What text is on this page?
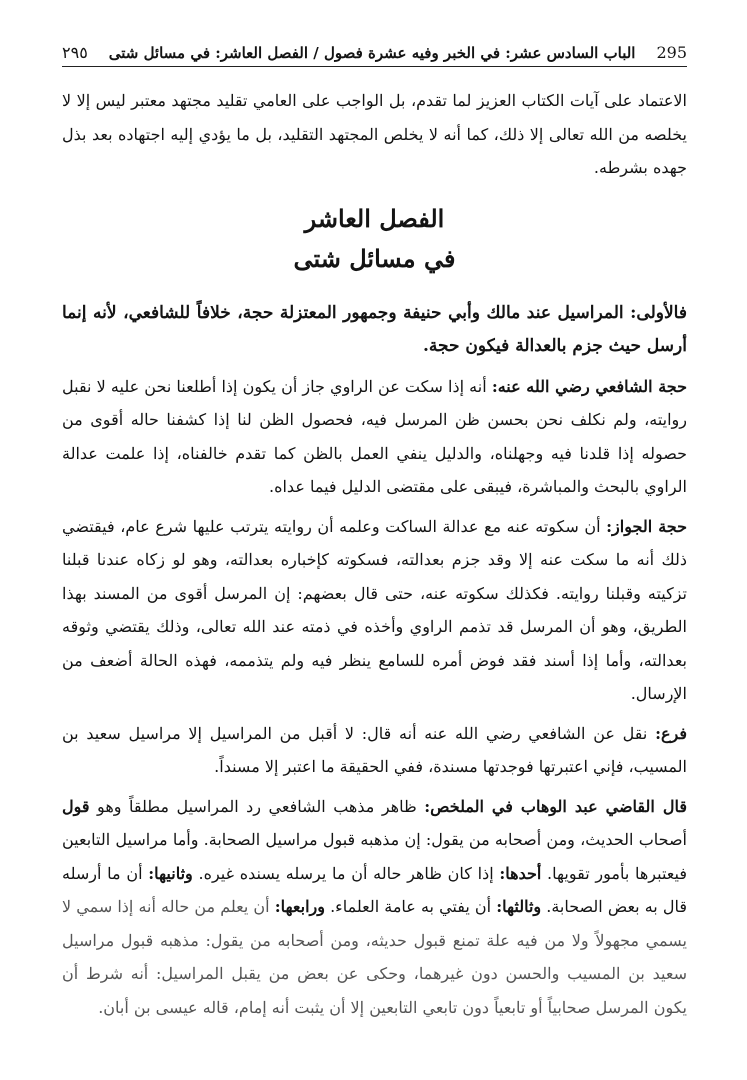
٢٩٥ الباب السادس عشر: في الخبر وفيه عشرة فصول / الفصل العاشر: في مسائل شتى 295

الاعتماد على آيات الكتاب العزيز لما تقدم، بل الواجب على العامي تقليد مجتهد معتبر ليس إلا لا يخلصه من الله تعالى إلا ذلك، كما أنه لا يخلص المجتهد التقليد، بل ما يؤدي إليه اجتهاده بعد بذل جهده بشرطه.

الفصل العاشر
في مسائل شتى

فالأولى: المراسيل عند مالك وأبي حنيفة وجمهور المعتزلة حجة، خلافاً للشافعي، لأنه إنما أرسل حيث جزم بالعدالة فيكون حجة.

حجة الشافعي رضي الله عنه: أنه إذا سكت عن الراوي جاز أن يكون إذا أطلعنا نحن عليه لا نقبل روايته، ولم نكلف نحن بحسن ظن المرسل فيه، فحصول الظن لنا إذا كشفنا حاله أقوى من حصوله إذا قلدنا فيه وجهلناه، والدليل ينفي العمل بالظن كما تقدم خالفناه، إذا علمت عدالة الراوي بالبحث والمباشرة، فيبقى على مقتضى الدليل فيما عداه.

حجة الجواز: أن سكوته عنه مع عدالة الساكت وعلمه أن روايته يترتب عليها شرع عام، فيقتضي ذلك أنه ما سكت عنه إلا وقد جزم بعدالته، فسكوته كإخباره بعدالته، وهو لو زكاه عندنا قبلنا تزكيته وقبلنا روايته. فكذلك سكوته عنه، حتى قال بعضهم: إن المرسل أقوى من المسند بهذا الطريق، وهو أن المرسل قد تذمم الراوي وأخذه في ذمته عند الله تعالى، وذلك يقتضي وثوقه بعدالته، وأما إذا أسند فقد فوض أمره للسامع ينظر فيه ولم يتذممه، فهذه الحالة أضعف من الإرسال.

فرع: نقل عن الشافعي رضي الله عنه أنه قال: لا أقبل من المراسيل إلا مراسيل سعيد بن المسيب، فإني اعتبرتها فوجدتها مسندة، ففي الحقيقة ما اعتبر إلا مسنداً.

قال القاضي عبد الوهاب في الملخص: ظاهر مذهب الشافعي رد المراسيل مطلقاً وهو قول أصحاب الحديث، ومن أصحابه من يقول: إن مذهبه قبول مراسيل الصحابة. وأما مراسيل التابعين فيعتبرها بأمور تقويها. أحدها: إذا كان ظاهر حاله أن ما يرسله يسنده غيره. وثانيها: أن ما أرسله قال به بعض الصحابة. وثالثها: أن يفتي به عامة العلماء. ورابعها: أن يعلم من حاله أنه إذا سمي لا يسمي مجهولاً ولا من فيه علة تمنع قبول حديثه، ومن أصحابه من يقول: مذهبه قبول مراسيل سعيد بن المسيب والحسن دون غيرهما، وحكى عن بعض من يقبل المراسيل: أنه شرط أن يكون المرسل صحابياً أو تابعياً دون تابعي التابعين إلا أن يثبت أنه إمام، قاله عيسى بن أبان.
